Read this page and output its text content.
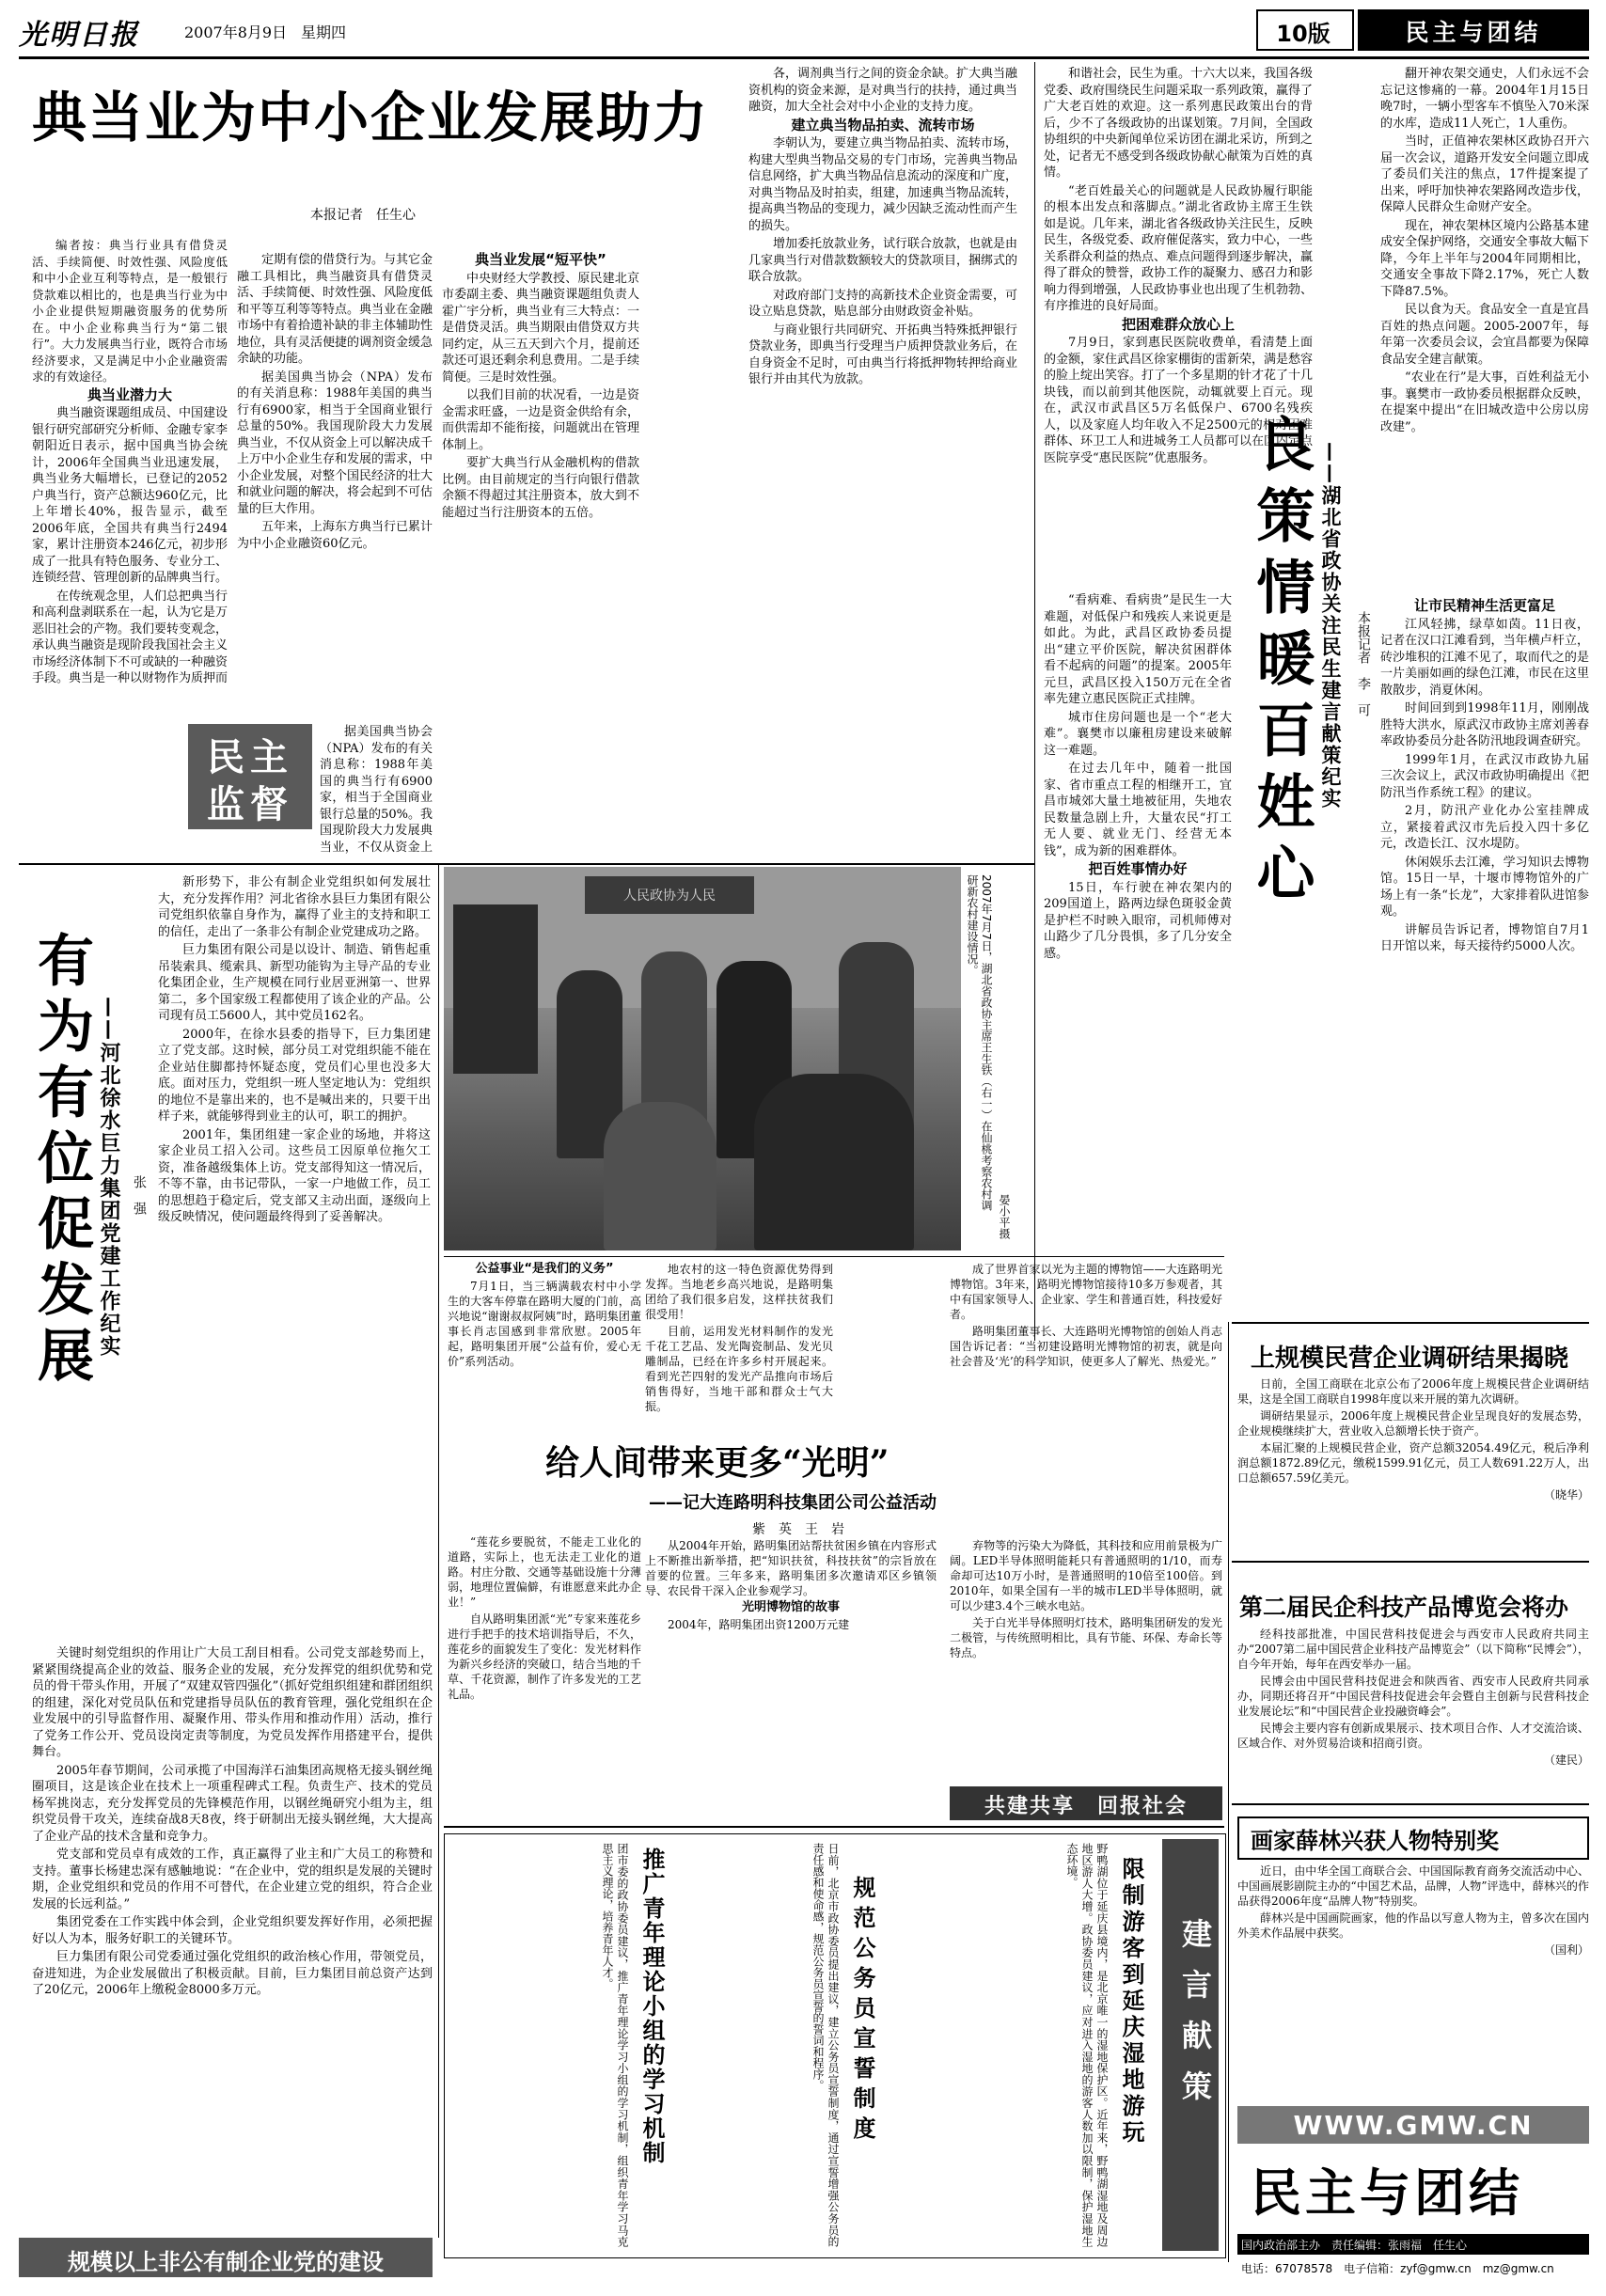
光明日报	2007年8月9日 星期四	10版	民主与团结
典当业为中小企业发展助力
本报记者　任生心

编者按：典当行业具有借贷灵活、手续简便、时效性强、风险度低和中小企业互利等特点，是一般银行贷款难以相比的，也是典当行业为中小企业提供短期融资服务的优势所在。中小企业称典当行为“第二银行”。大力发展典当行业，既符合市场经济要求，又是满足中小企业融资需求的有效途径。

典当业潜力大

典当融资课题组成员、中国建设银行研究部研究分析师、金融专家李朝阳近日表示，据中国典当协会统计，2006年全国典当业迅速发展，典当业务大幅增长，已登记的2052户典当行，资产总额达960亿元，比上年增长40%，报告显示，截至2006年底，全国共有典当行2494家，累计注册资本246亿元，初步形成了一批具有特色服务、专业分工、连锁经营、管理创新的品牌典当行。

在传统观念里，人们总把典当行和高利盘剥联系在一起，认为它是万恶旧社会的产物。我们要转变观念，承认典当融资是现阶段我国社会主义市场经济体制下不可或缺的一种融资手段。典当是一种以财物作为质押而

民主
监督

定期有偿的借贷行为。与其它金融工具相比，典当融资具有借贷灵活、手续简便、时效性强、风险度低和平等互利等等特点。典当业在金融市场中有着拾遗补缺的非主体辅助性地位，具有灵活便捷的调剂资金缓急余缺的功能。

据美国典当协会（NPA）发布的有关消息称：1988年美国的典当行有6900家，相当于全国商业银行总量的50%。我国现阶段大力发展典当业，不仅从资金上可以解决成千上万中小企业生存和发展的需求，中小企业发展，对整个国民经济的壮大和就业问题的解决，将会起到不可估量的巨大作用。

五年来，上海东方典当行已累计为中小企业融资60亿元。

据美国典当协会（NPA）发布的有关消息称：1988年美国的典当行有6900家，相当于全国商业银行总量的50%。我国现阶段大力发展典当业，不仅从资金上

典当业发展“短平快”

中央财经大学教授、原民建北京市委副主委、典当融资课题组负责人霍广宇分析，典当业有三大特点：一是借贷灵活。典当期限由借贷双方共同约定，从三五天到六个月，提前还款还可退还剩余利息费用。二是手续简便。三是时效性强。

以我们目前的状况看，一边是资金需求旺盛，一边是资金供给有余，而供需却不能衔接，问题就出在管理体制上。

要扩大典当行从金融机构的借款比例。由目前规定的当行向银行借款余额不得超过其注册资本，放大到不能超过当行注册资本的五倍。

各，调剂典当行之间的资金余缺。扩大典当融资机构的资金来源，是对典当行的扶持，通过典当融资，加大全社会对中小企业的支持力度。

建立典当物品拍卖、流转市场

李朝认为，要建立典当物品拍卖、流转市场，构建大型典当物品交易的专门市场，完善典当物品信息网络，扩大典当物品信息流动的深度和广度，对典当物品及时拍卖，组建，加速典当物品流转，提高典当物品的变现力，减少因缺乏流动性而产生的损失。

增加委托放款业务，试行联合放款，也就是由几家典当行对借款数额较大的贷款项目，捆绑式的联合放款。

对政府部门支持的高新技术企业资金需要，可设立贴息贷款，贴息部分由财政资金补贴。

与商业银行共同研究、开拓典当特殊抵押银行贷款业务，即典当行受理当户质押贷款业务后，在自身资金不足时，可由典当行将抵押物转押给商业银行并由其代为放款。

有为有位促发展 ——河北徐水巨力集团党建工作纪实 张　强

新形势下，非公有制企业党组织如何发展壮大，充分发挥作用？河北省徐水县巨力集团有限公司党组织依靠自身作为，赢得了业主的支持和职工的信任，走出了一条非公有制企业党建成功之路。

巨力集团有限公司是以设计、制造、销售起重吊装索具、缆索具、新型功能钩为主导产品的专业化集团企业，生产规模在同行业居亚洲第一、世界第二，多个国家级工程都使用了该企业的产品。公司现有员工5600人，其中党员162名。

2000年，在徐水县委的指导下，巨力集团建立了党支部。这时候，部分员工对党组织能不能在企业站住脚都持怀疑态度，党员们心里也没多大底。面对压力，党组织一班人坚定地认为：党组织的地位不是靠出来的，也不是喊出来的，只要干出样子来，就能够得到业主的认可，职工的拥护。

2001年，集团组建一家企业的场地，并将这家企业员工招入公司。这些员工因原单位拖欠工资，准备越级集体上访。党支部得知这一情况后，不等不靠，由书记带队，一家一户地做工作，员工的思想趋于稳定后，党支部又主动出面，逐级向上级反映情况，使问题最终得到了妥善解决。

关键时刻党组织的作用让广大员工刮目相看。公司党支部趁势而上，紧紧围绕提高企业的效益、服务企业的发展，充分发挥党的组织优势和党员的骨干带头作用，开展了“双建双管四强化”（抓好党组织组建和群团组织的组建，深化对党员队伍和党建指导员队伍的教育管理，强化党组织在企业发展中的引导监督作用、凝聚作用、带头作用和推动作用）活动，推行了党务工作公开、党员设岗定责等制度，为党员发挥作用搭建平台，提供舞台。

2005年春节期间，公司承揽了中国海洋石油集团高规格无接头钢丝绳圈项目，这是该企业在技术上一项重程碑式工程。负责生产、技术的党员杨军挑岗志，充分发挥党员的先锋模范作用，以钢丝绳研究小组为主，组织党员骨干攻关，连续奋战8天8夜，终于研制出无接头钢丝绳，大大提高了企业产品的技术含量和竞争力。

党支部和党员卓有成效的工作，真正赢得了业主和广大员工的称赞和支持。董事长杨建忠深有感触地说：“在企业中，党的组织是发展的关键时期，企业党组织和党员的作用不可替代，在企业建立党的组织，符合企业发展的长远利益。”

集团党委在工作实践中体会到，企业党组织要发挥好作用，必须把握好以人为本，服务好职工的关键环节。

巨力集团有限公司党委通过强化党组织的政治核心作用，带领党员，奋进知进，为企业发展做出了积极贡献。目前，巨力集团目前总资产达到了20亿元，2006年上缴税金8000多万元。

人民政协为人民	2007年7月7日，湖北省政协主席王生铁（右一）在仙桃考察农村调研新农村建设情况。
晏小平摄

和谐社会，民生为重。十六大以来，我国各级党委、政府围绕民生问题采取一系列政策，赢得了广大老百姓的欢迎。这一系列惠民政策出台的背后，少不了各级政协的出谋划策。7月间，全国政协组织的中央新闻单位采访团在湖北采访，所到之处，记者无不感受到各级政协献心献策为百姓的真情。

“老百姓最关心的问题就是人民政协履行职能的根本出发点和落脚点。”湖北省政协主席王生铁如是说。几年来，湖北省各级政协关注民生，反映民生，各级党委、政府催促落实，致力中心，一些关系群众利益的热点、难点问题得到逐步解决，赢得了群众的赞誉，政协工作的凝聚力、感召力和影响力得到增强，人民政协事业也出现了生机勃勃、有序推进的良好局面。

把困难群众放心上

7月9日，家到惠民医院收费单，看清楚上面的金额，家住武昌区徐家棚街的雷新荣，满是愁容的脸上绽出笑容。打了一个多星期的针才花了十几块钱，而以前到其他医院，动辄就要上百元。现在，武汉市武昌区5万名低保户、6700名残疾人，以及家庭人均年收入不足2500元的相对困难群体、环卫工人和进城务工人员都可以在区内定点医院享受“惠民医院”优惠服务。 良策情暖百姓心 ——湖北省政协关注民生建言献策纪实 本报记者　李　可

“看病难、看病贵”是民生一大难题，对低保户和残疾人来说更是如此。为此，武昌区政协委员提出“建立平价医院，解决贫困群体看不起病的问题”的提案。2005年元旦，武昌区投入150万元在全省率先建立惠民医院正式挂牌。

城市住房问题也是一个“老大难”。襄樊市以廉租房建设来破解这一难题。

在过去几年中，随着一批国家、省市重点工程的相继开工，宜昌市城郊大量土地被征用，失地农民数量急剧上升，大量农民“打工无人要、就业无门、经营无本钱”，成为新的困难群体。

把百姓事情办好

15日，车行驶在神农架内的209国道上，路两边绿色斑驳金黄是护栏不时映入眼帘，司机师傅对山路少了几分畏惧，多了几分安全感。

翻开神农架交通史，人们永远不会忘记这惨痛的一幕。2004年1月15日晚7时，一辆小型客车不慎坠入70米深的水库，造成11人死亡，1人重伤。

当时，正值神农架林区政协召开六届一次会议，道路开发安全问题立即成了委员们关注的焦点，17件提案提了出来，呼吁加快神农架路网改造步伐，保障人民群众生命财产安全。

现在，神农架林区境内公路基本建成安全保护网络，交通安全事故大幅下降，今年上半年与2004年同期相比，交通安全事故下降2.17%，死亡人数下降87.5%。

民以食为天。食品安全一直是宜昌百姓的热点问题。2005-2007年，每年第一次委员会议，会宜昌都要为保障食品安全建言献策。

“农业在行”是大事，百姓利益无小事。襄樊市一政协委员根据群众反映，在提案中提出“在旧城改造中公房以房改建”。

让市民精神生活更富足

江风轻拂，绿草如茵。11日夜，记者在汉口江滩看到，当年横卢杆立，砖沙堆积的江滩不见了，取而代之的是一片美丽如画的绿色江滩，市民在这里散散步，消夏休闲。

时间回到到1998年11月，刚刚战胜特大洪水，原武汉市政协主席刘善春率政协委员分赴各防汛地段调查研究。

1999年1月，在武汉市政协九届三次会议上，武汉市政协明确提出《把防汛当作系统工程》的建议。

2月，防汛产业化办公室挂牌成立，紧接着武汉市先后投入四十多亿元，改造长江、汉水堤防。

休闲娱乐去江滩，学习知识去博物馆。15日一早，十堰市博物馆外的广场上有一条“长龙”，大家排着队进馆参观。

讲解员告诉记者，博物馆自7月1日开馆以来，每天接待约5000人次。

公益事业“是我们的义务”

7月1日，当三辆满载农村中小学生的大客车停靠在路明大厦的门前，高兴地说“谢谢叔叔阿姨”时，路明集团董事长肖志国感到非常欣慰。2005年起，路明集团开展“公益有价，爱心无价”系列活动。

地农村的这一特色资源优势得到发挥。当地老乡高兴地说，是路明集团给了我们很多启发，这样扶贫我们很受用！

目前，运用发光材料制作的发光千花工艺品、发光陶瓷制品、发光贝雕制品，已经在许多乡村开展起来。看到光芒四射的发光产品推向市场后销售得好，当地干部和群众士气大振。

成了世界首家以光为主题的博物馆——大连路明光博物馆。3年来，路明光博物馆接待10多万参观者，其中有国家领导人、企业家、学生和普通百姓，科技爱好者。

路明集团董事长、大连路明光博物馆的创始人肖志国告诉记者：“当初建设路明光博物馆的初衷，就是向社会普及‘光’的科学知识，使更多人了解光、热爱光。”

给人间带来更多“光明”
——记大连路明科技集团公司公益活动
紫　英　王　岩

“莲花乡要脱贫，不能走工业化的道路，实际上，也无法走工业化的道路。村庄分散、交通等基础设施十分薄弱，地理位置偏僻，有谁愿意来此办企业！”

自从路明集团派“光”专家来莲花乡进行手把手的技术培训指导后，不久，莲花乡的面貌发生了变化：发光材料作为新兴乡经济的突破口，结合当地的千草、千花资源，制作了许多发光的工艺礼品。

从2004年开始，路明集团站帮扶贫困乡镇在内容形式上不断推出新举措，把“知识扶贫，科技扶贫”的宗旨放在首要的位置。三年多来，路明集团多次邀请邓区乡镇领导、农民骨干深入企业参观学习。

光明博物馆的故事

2004年，路明集团出资1200万元建

弃物等的污染大为降低，其科技和应用前景极为广阔。LED半导体照明能耗只有普通照明的1/10，而寿命却可达10万小时，是普通照明的10倍至100倍。到2010年，如果全国有一半的城市LED半导体照明，就可以少建3.4个三峡水电站。

关于白光半导体照明灯技术，路明集团研发的发光二极管，与传统照明相比，具有节能、环保、寿命长等特点。

共建共享　回报社会
上规模民营企业调研结果揭晓

日前，全国工商联在北京公布了2006年度上规模民营企业调研结果，这是全国工商联自1998年度以来开展的第九次调研。

调研结果显示，2006年度上规模民营企业呈现良好的发展态势，企业规模继续扩大，营业收入总额增长快于资产。

本届汇聚的上规模民营企业，资产总额32054.49亿元，税后净利润总额1872.89亿元，缴税1599.91亿元，员工人数691.22万人，出口总额657.59亿美元。

（晓华）

第二届民企科技产品博览会将办

经科技部批准，中国民营科技促进会与西安市人民政府共同主办“2007第二届中国民营企业科技产品博览会”（以下简称“民博会”），自今年开始，每年在西安举办一届。

民博会由中国民营科技促进会和陕西省、西安市人民政府共同承办，同期还将召开“中国民营科技促进会年会暨自主创新与民营科技企业发展论坛”和“中国民营企业投融资峰会”。

民博会主要内容有创新成果展示、技术项目合作、人才交流洽谈、区域合作、对外贸易洽谈和招商引资。

（建民）

画家薛林兴获人物特别奖

近日，由中华全国工商联合会、中国国际教育商务交流活动中心、中国画展影剧院主办的“中国艺术品，品牌，人物”评选中，薛林兴的作品获得2006年度“品牌人物”特别奖。

薛林兴是中国画院画家，他的作品以写意人物为主，曾多次在国内外美术作品展中获奖。

（国利）

建言献策
限制游客到延庆湿地游玩
野鸭湖位于延庆县境内，是北京唯一的湿地保护区。近年来，野鸭湖湿地及周边地区游人大增。政协委员建议，应对进入湿地的游客人数加以限制，保护湿地生态环境。
规范公务员宣誓制度
日前，北京市政协委员提出建议，建立公务员宣誓制度，通过宣誓增强公务员的责任感和使命感，规范公务员宣誓的誓词和程序。
推广青年理论小组的学习机制
团市委的政协委员建议，推广青年理论学习小组的学习机制，组织青年学习马克思主义理论，培养青年人才。
规模以上非公有制企业党的建设
WWW.GMW.CN
民主与团结
国内政治部主办　责任编辑：张雨福　任生心
电话：67078578　电子信箱：zyf@gmw.cn　mz@gmw.cn
